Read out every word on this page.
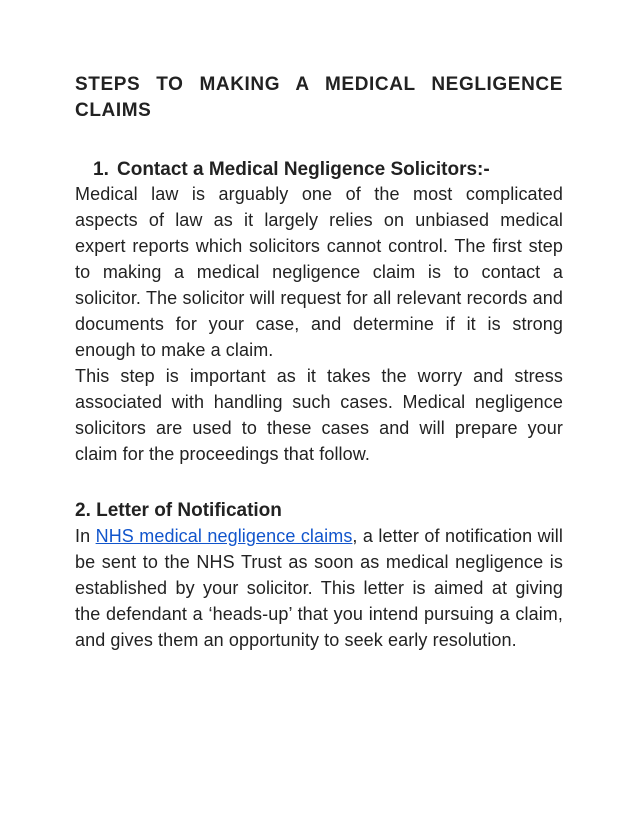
STEPS TO MAKING A MEDICAL NEGLIGENCE CLAIMS
1. Contact a Medical Negligence Solicitors:-

Medical law is arguably one of the most complicated aspects of law as it largely relies on unbiased medical expert reports which solicitors cannot control. The first step to making a medical negligence claim is to contact a solicitor. The solicitor will request for all relevant records and documents for your case, and determine if it is strong enough to make a claim.

This step is important as it takes the worry and stress associated with handling such cases. Medical negligence solicitors are used to these cases and will prepare your claim for the proceedings that follow.

2. Letter of Notification

In NHS medical negligence claims, a letter of notification will be sent to the NHS Trust as soon as medical negligence is established by your solicitor. This letter is aimed at giving the defendant a ‘heads-up’ that you intend pursuing a claim, and gives them an opportunity to seek early resolution.
